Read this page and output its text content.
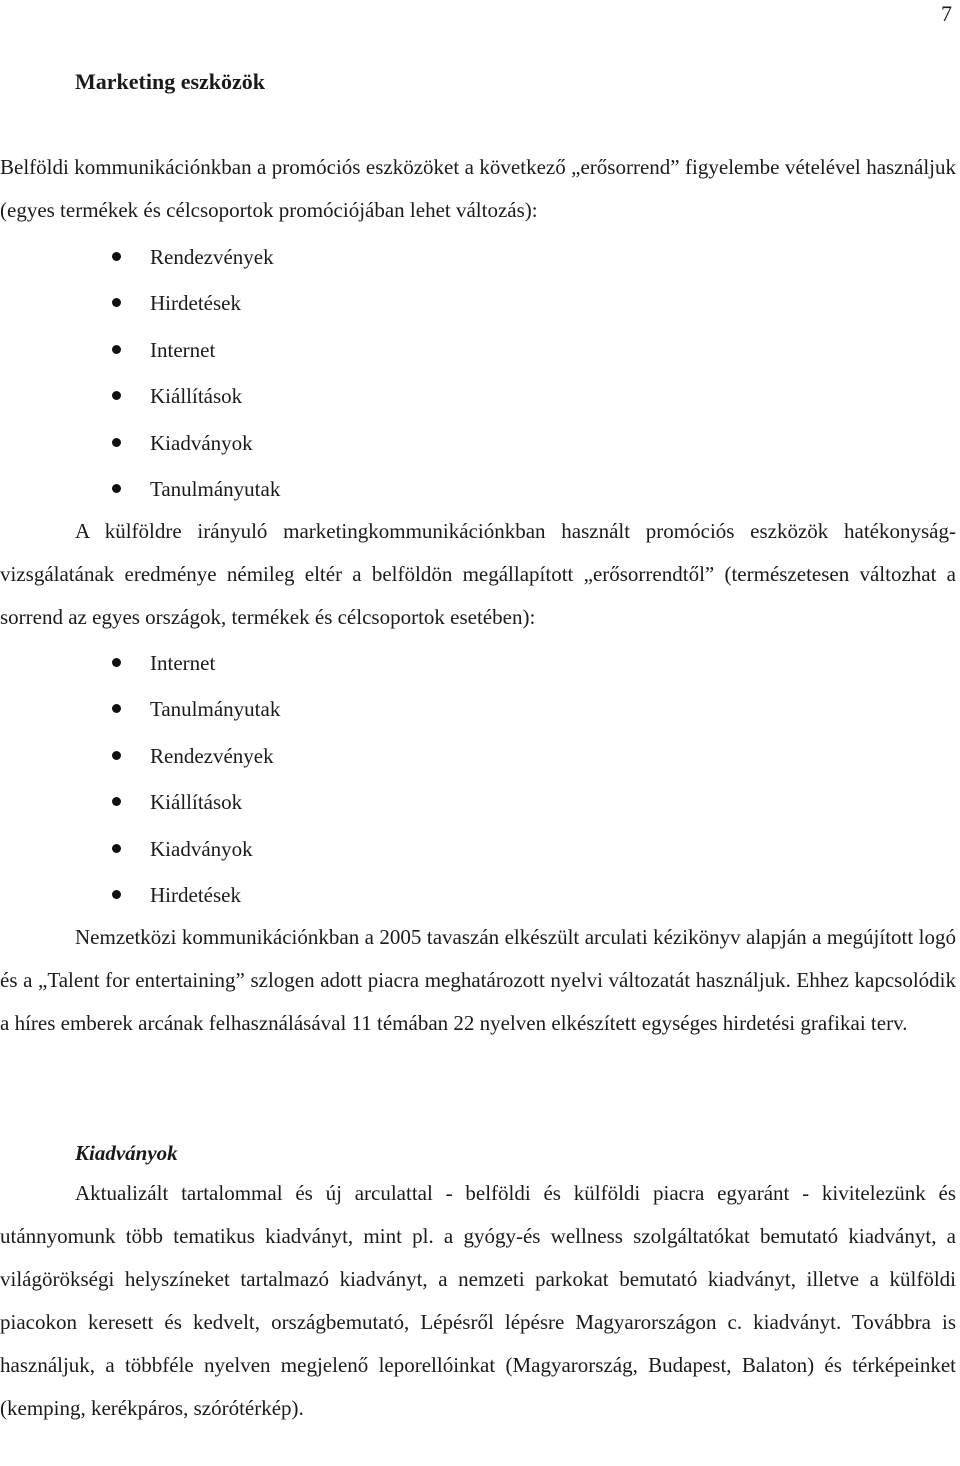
7
Marketing eszközök

Belföldi kommunikációnkban a promóciós eszközöket a következő „erősorrend” figyelembe vételével használjuk (egyes termékek és célcsoportok promóciójában lehet változás):

Rendezvények
Hirdetések
Internet
Kiállítások
Kiadványok
Tanulmányutak

A külföldre irányuló marketingkommunikációnkban használt promóciós eszközök hatékonyság-vizsgálatának eredménye némileg eltér a belföldön megállapított „erősorrendtől” (természetesen változhat a sorrend az egyes országok, termékek és célcsoportok esetében):

Internet
Tanulmányutak
Rendezvények
Kiállítások
Kiadványok
Hirdetések

Nemzetközi kommunikációnkban a 2005 tavaszán elkészült arculati kézikönyv alapján a megújított logó és a „Talent for entertaining” szlogen adott piacra meghatározott nyelvi változatát használjuk. Ehhez kapcsolódik a híres emberek arcának felhasználásával 11 témában 22 nyelven elkészített egységes hirdetési grafikai terv.

Kiadványok

Aktualizált tartalommal és új arculattal - belföldi és külföldi piacra egyaránt - kivitelezünk és utánnyomunk több tematikus kiadványt, mint pl. a gyógy-és wellness szolgáltatókat bemutató kiadványt, a világörökségi helyszíneket tartalmazó kiadványt, a nemzeti parkokat bemutató kiadványt, illetve a külföldi piacokon keresett és kedvelt, országbemutató, Lépésről lépésre Magyarországon c. kiadványt. Továbbra is használjuk, a többféle nyelven megjelenő leporellóinkat (Magyarország, Budapest, Balaton) és térképeinket (kemping, kerékpáros, szórótérkép).
